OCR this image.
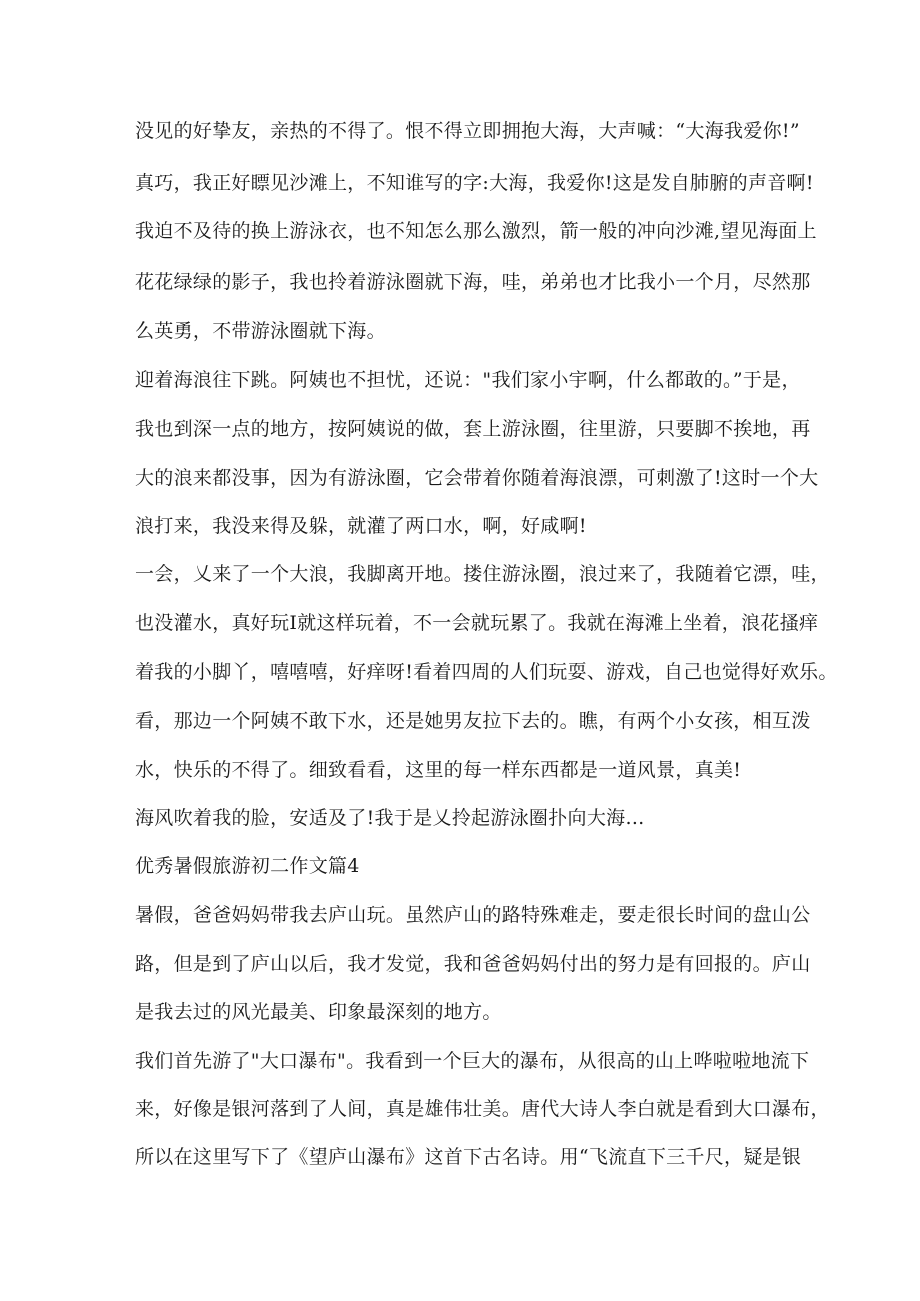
没见的好挚友，亲热的不得了。恨不得立即拥抱大海，大声喊：“大海我爱你!”

真巧，我正好瞟见沙滩上，不知谁写的字:大海，我爱你!这是发自肺腑的声音啊!

我迫不及待的换上游泳衣，也不知怎么那么激烈，箭一般的冲向沙滩,望见海面上

花花绿绿的影子，我也拎着游泳圈就下海，哇，弟弟也才比我小一个月，尽然那

么英勇，不带游泳圈就下海。

迎着海浪往下跳。阿姨也不担忧，还说："我们家小宇啊，什么都敢的。”于是，

我也到深一点的地方，按阿姨说的做，套上游泳圈，往里游，只要脚不挨地，再

大的浪来都没事，因为有游泳圈，它会带着你随着海浪漂，可刺激了!这时一个大

浪打来，我没来得及躲，就灌了两口水，啊，好咸啊!

一会，乂来了一个大浪，我脚离开地。搂住游泳圈，浪过来了，我随着它漂，哇，

也没灌水，真好玩I就这样玩着，不一会就玩累了。我就在海滩上坐着，浪花搔痒

着我的小脚丫，嘻嘻嘻，好痒呀!看着四周的人们玩耍、游戏，自己也觉得好欢乐。

看，那边一个阿姨不敢下水，还是她男友拉下去的。瞧，有两个小女孩，相互泼

水，快乐的不得了。细致看看，这里的每一样东西都是一道风景，真美!

海风吹着我的脸，安适及了!我于是乂拎起游泳圈扑向大海…

优秀暑假旅游初二作文篇4

暑假，爸爸妈妈带我去庐山玩。虽然庐山的路特殊难走，要走很长时间的盘山公

路，但是到了庐山以后，我才发觉，我和爸爸妈妈付出的努力是有回报的。庐山

是我去过的风光最美、印象最深刻的地方。

我们首先游了"大口瀑布"。我看到一个巨大的瀑布，从很高的山上哗啦啦地流下

来，好像是银河落到了人间，真是雄伟壮美。唐代大诗人李白就是看到大口瀑布，

所以在这里写下了《望庐山瀑布》这首下古名诗。用“飞流直下三千尺，疑是银
